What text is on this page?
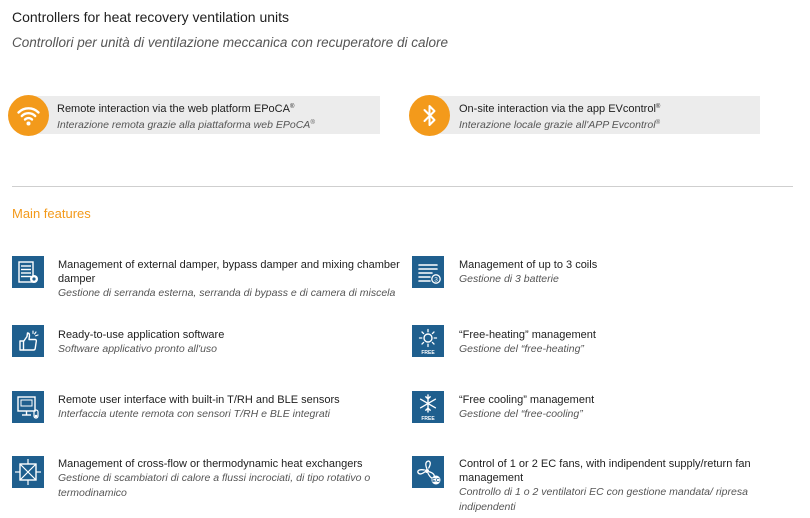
Controllers for heat recovery ventilation units
Controllori per unità di ventilazione meccanica con recuperatore di calore
Remote interaction via the web platform EPoCA®
Interazione remota grazie alla piattaforma web EPoCA®
On-site interaction via the app EVcontrol®
Interazione locale grazie all'APP Evcontrol®
Main features
Management of external damper, bypass damper and mixing chamber damper
Gestione di serranda esterna, serranda di bypass e di camera di miscela
3
Management of up to 3 coils
Gestione di 3 batterie
Ready-to-use application software
Software applicativo pronto all'uso	FREE
“Free-heating” management
Gestione del “free-heating”
Remote user interface with built-in T/RH and BLE sensors
Interfaccia utente remota con sensori T/RH e BLE integrati	FREE
“Free cooling” management
Gestione del “free-cooling”
Management of cross-flow or thermodynamic heat exchangers
Gestione di scambiatori di calore a flussi incrociati, di tipo rotativo o termodinamico
EC
Control of 1 or 2 EC fans, with indipendent supply/return fan management
Controllo di 1 o 2 ventilatori EC con gestione mandata/ ripresa indipendenti
